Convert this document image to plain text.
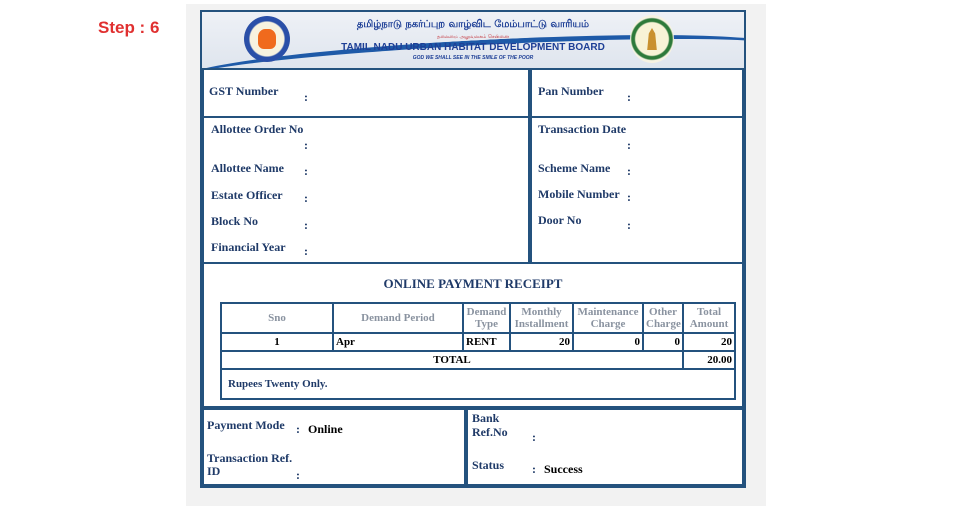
Step : 6	தமிழ்நாடு நகர்ப்புற வாழ்விட மேம்பாட்டு வாரியம்
தலைமை அலுவலகம் சென்னை
TAMIL NADU URBAN HABITAT DEVELOPMENT BOARD
GOD WE SHALL SEE IN THE SMILE OF THE POOR
GST Number :	Pan Number :
Allottee Order No
:
Allottee Name :
Estate Officer :
Block No	:
Financial Year :
Transaction Date
:
Scheme Name :
Mobile Number :
Door No	:
ONLINE PAYMENT RECEIPT
Sno	Demand Period	Demand Type	Monthly Installment	Maintenance Charge	Other Charge	Total Amount
1	Apr	RENT	20	0	0	20
TOTAL						20.00
Rupees Twenty Only.						
Payment Mode : Online
Transaction Ref.
ID	:
Bank
Ref.No :
Status : Success
